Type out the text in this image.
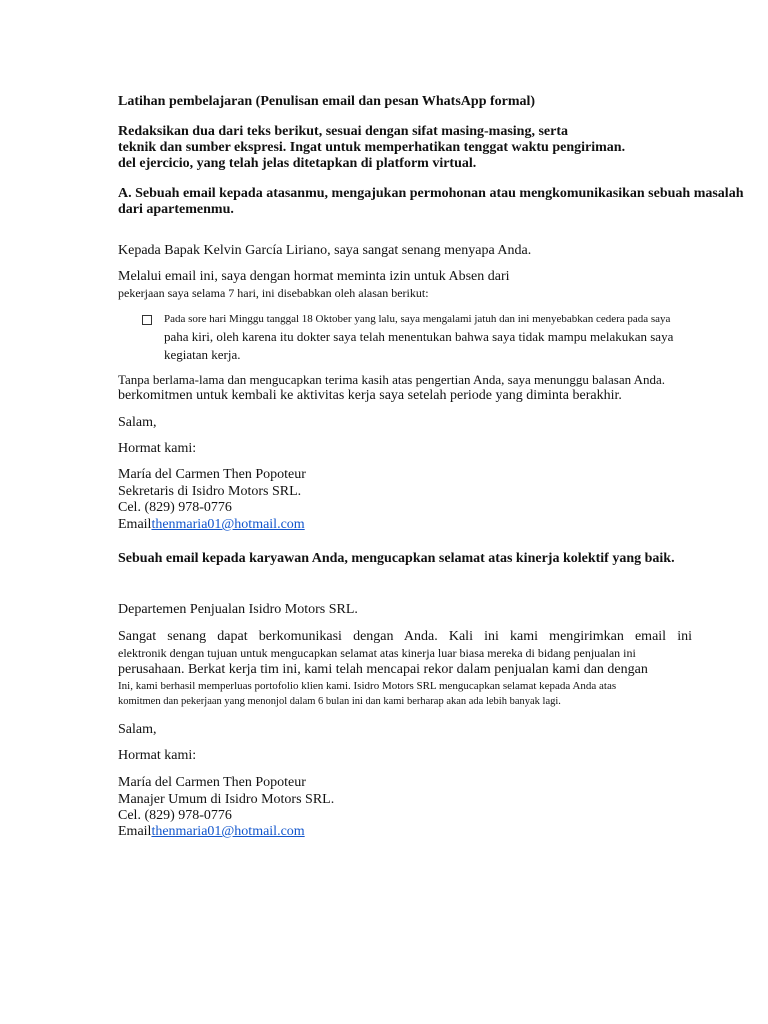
Latihan pembelajaran (Penulisan email dan pesan WhatsApp formal)
Redaksikan dua dari teks berikut, sesuai dengan sifat masing-masing, serta
teknik dan sumber ekspresi. Ingat untuk memperhatikan tenggat waktu pengiriman.
del ejercicio, yang telah jelas ditetapkan di platform virtual.
A. Sebuah email kepada atasanmu, mengajukan permohonan atau mengkomunikasikan sebuah masalah
dari apartemenmu.
Kepada Bapak Kelvin García Liriano, saya sangat senang menyapa Anda.
Melalui email ini, saya dengan hormat meminta izin untuk Absen dari
pekerjaan saya selama 7 hari, ini disebabkan oleh alasan berikut:
Pada sore hari Minggu tanggal 18 Oktober yang lalu, saya mengalami jatuh dan ini menyebabkan cedera pada saya
paha kiri, oleh karena itu dokter saya telah menentukan bahwa saya tidak mampu melakukan saya
kegiatan kerja.
Tanpa berlama-lama dan mengucapkan terima kasih atas pengertian Anda, saya menunggu balasan Anda.
berkomitmen untuk kembali ke aktivitas kerja saya setelah periode yang diminta berakhir.
Salam,
Hormat kami:
María del Carmen Then Popoteur
Sekretaris di Isidro Motors SRL.
Cel. (829) 978-0776
Emailthenmaria01@hotmail.com
Sebuah email kepada karyawan Anda, mengucapkan selamat atas kinerja kolektif yang baik.
Departemen Penjualan Isidro Motors SRL.
Sangat senang dapat berkomunikasi dengan Anda. Kali ini kami mengirimkan email ini
elektronik dengan tujuan untuk mengucapkan selamat atas kinerja luar biasa mereka di bidang penjualan ini
perusahaan. Berkat kerja tim ini, kami telah mencapai rekor dalam penjualan kami dan dengan
Ini, kami berhasil memperluas portofolio klien kami. Isidro Motors SRL mengucapkan selamat kepada Anda atas
komitmen dan pekerjaan yang menonjol dalam 6 bulan ini dan kami berharap akan ada lebih banyak lagi.
Salam,
Hormat kami:
María del Carmen Then Popoteur
Manajer Umum di Isidro Motors SRL.
Cel. (829) 978-0776
Emailthenmaria01@hotmail.com
